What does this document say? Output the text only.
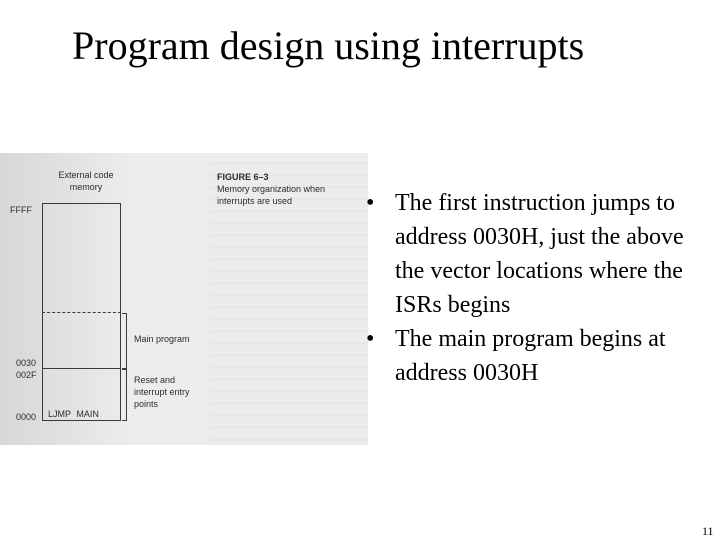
Program design using interrupts
External code memory
FIGURE 6–3
Memory organization when interrupts are used
FFFF
0030
002F
0000 LJMP MAIN
Main program
Reset and interrupt entry points
• The first instruction jumps to address 0030H, just the above the vector locations where the ISRs begins
• The main program begins at address 0030H
11
